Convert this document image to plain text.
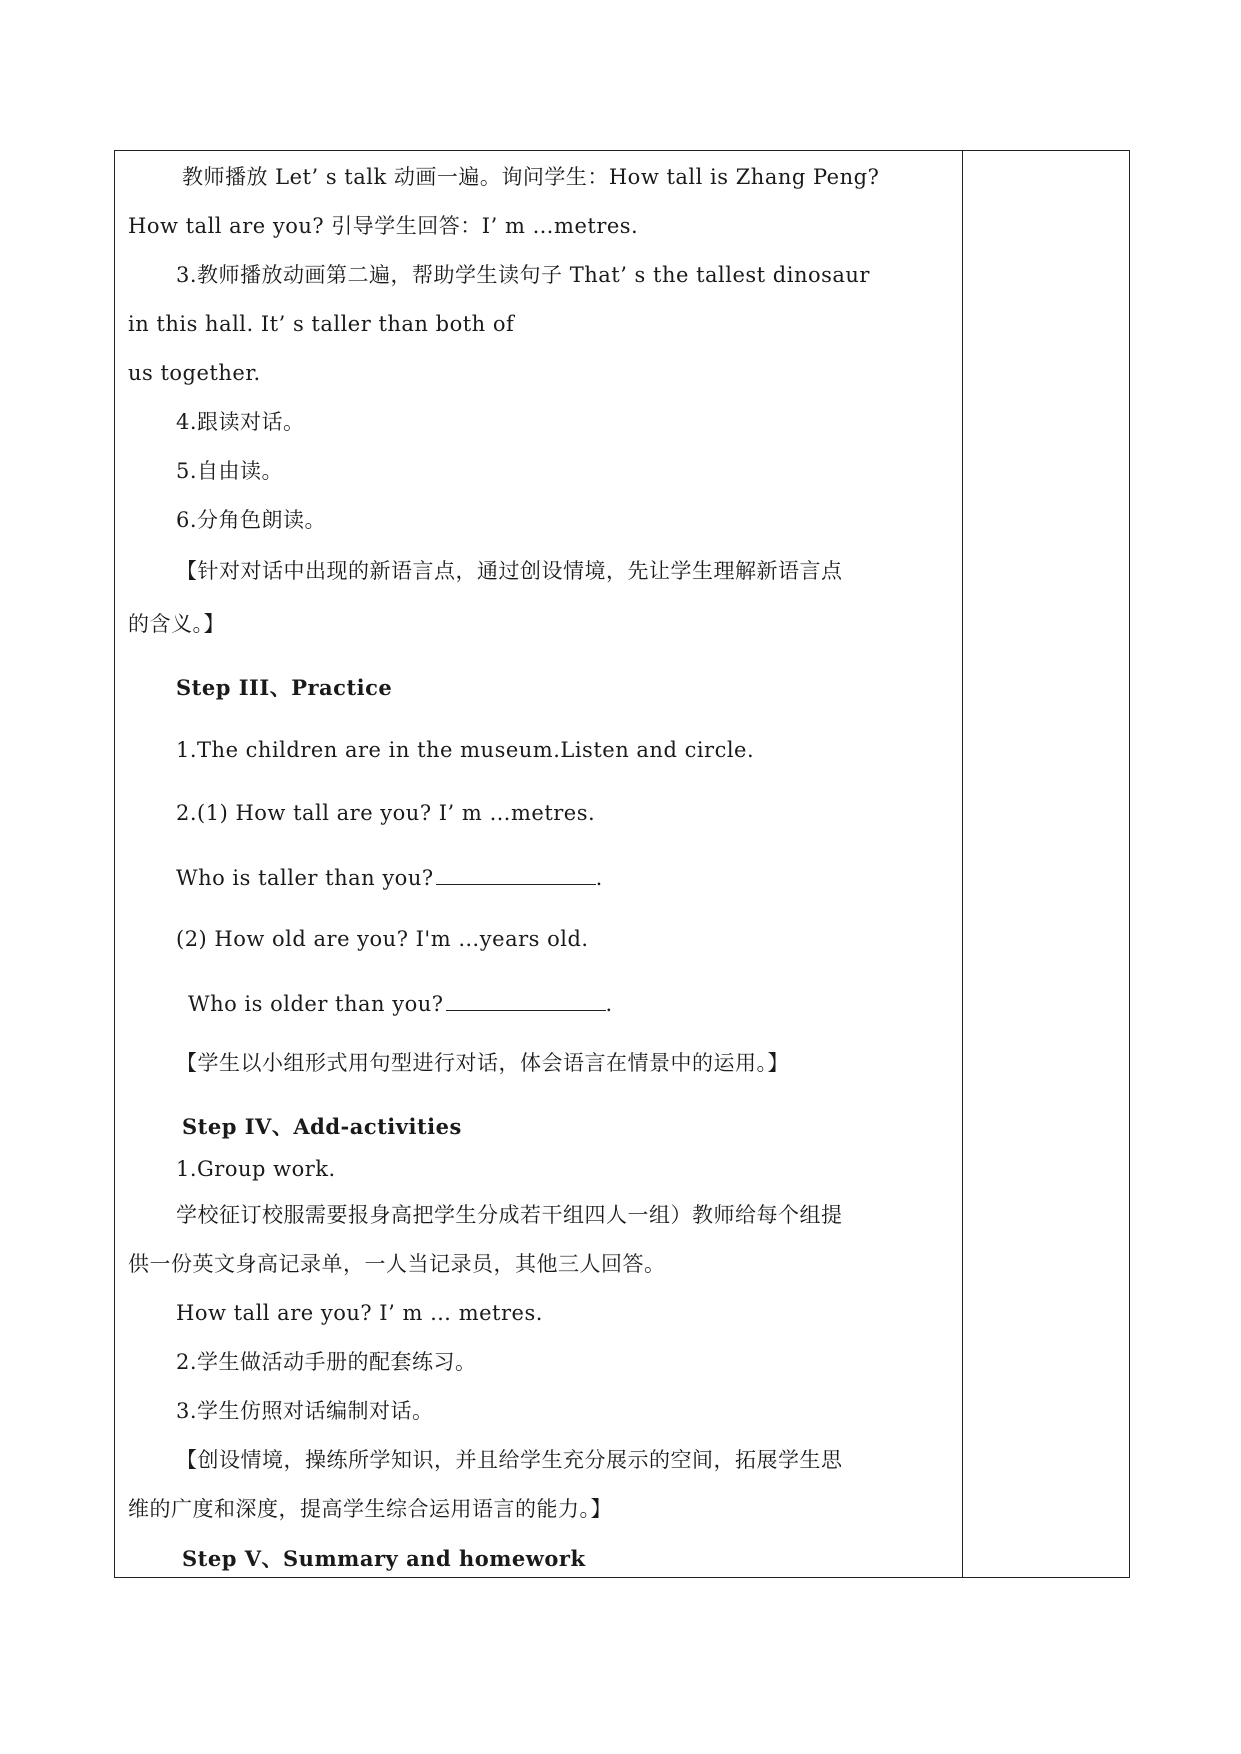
教师播放 Let’ s talk 动画一遍。询问学生：How tall is Zhang Peng?
How tall are you? 引导学生回答：I’ m …metres.
3.教师播放动画第二遍，帮助学生读句子 That’ s the tallest dinosaur
in this hall. It’ s taller than both of
us together.
4.跟读对话。
5.自由读。
6.分角色朗读。
【针对对话中出现的新语言点，通过创设情境，先让学生理解新语言点
的含义。】
Step III、Practice
1.The children are in the museum.Listen and circle.
2.(1) How tall are you? I’ m …metres.
Who is taller than you?	.
(2) How old are you? I'm …years old.
Who is older than you?	.
【学生以小组形式用句型进行对话，体会语言在情景中的运用。】
Step IV、Add-activities
1.Group work.
学校征订校服需要报身高把学生分成若干组四人一组）教师给每个组提
供一份英文身高记录单，一人当记录员，其他三人回答。
How tall are you? I’ m … metres.
2.学生做活动手册的配套练习。
3.学生仿照对话编制对话。
【创设情境，操练所学知识，并且给学生充分展示的空间，拓展学生思
维的广度和深度，提高学生综合运用语言的能力。】
Step V、Summary and homework
